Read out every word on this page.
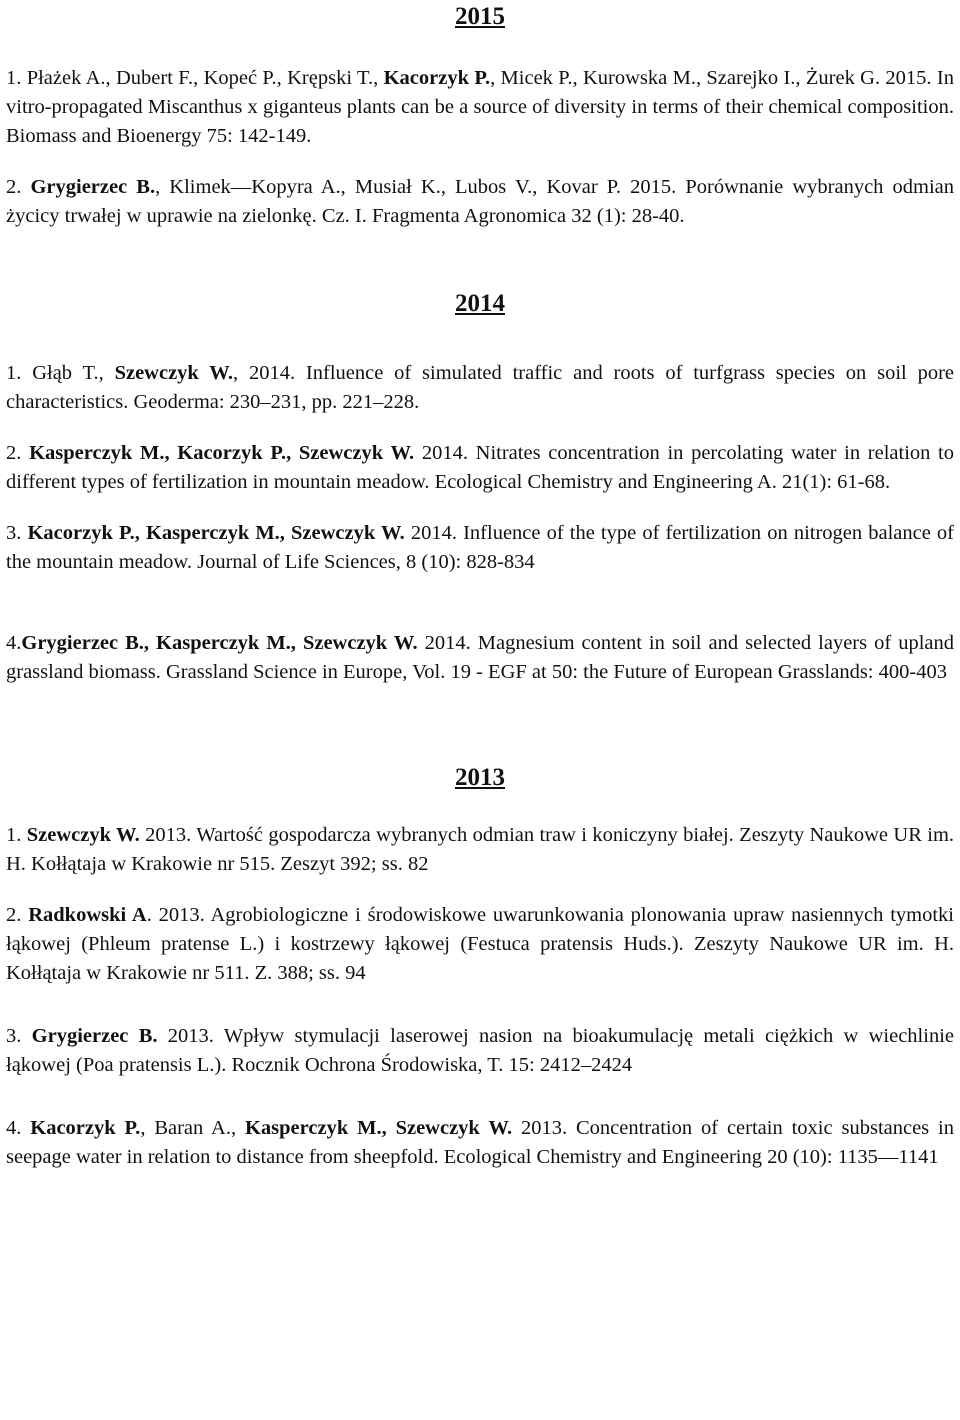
2015

1. Płażek A., Dubert F., Kopeć P., Krępski T., Kacorzyk P., Micek P., Kurowska M., Szarejko I., Żurek G. 2015. In vitro-propagated Miscanthus x giganteus plants can be a source of diversity in terms of their chemical composition. Biomass and Bioenergy 75: 142-149.

2. Grygierzec B., Klimek—Kopyra A., Musiał K., Lubos V., Kovar P. 2015. Porównanie wybranych odmian życicy trwałej w uprawie na zielonkę. Cz. I. Fragmenta Agronomica 32 (1): 28-40.

2014

1. Głąb T., Szewczyk W., 2014. Influence of simulated traffic and roots of turfgrass species on soil pore characteristics. Geoderma: 230–231, pp. 221–228.

2. Kasperczyk M., Kacorzyk P., Szewczyk W. 2014. Nitrates concentration in percolating water in relation to different types of fertilization in mountain meadow. Ecological Chemistry and Engineering A. 21(1): 61-68.

3. Kacorzyk P., Kasperczyk M., Szewczyk W. 2014. Influence of the type of fertilization on nitrogen balance of the mountain meadow. Journal of Life Sciences, 8 (10): 828-834

4.Grygierzec B., Kasperczyk M., Szewczyk W. 2014. Magnesium content in soil and selected layers of upland grassland biomass. Grassland Science in Europe, Vol. 19 - EGF at 50: the Future of European Grasslands: 400-403

2013

1. Szewczyk W. 2013. Wartość gospodarcza wybranych odmian traw i koniczyny białej. Zeszyty Naukowe UR im. H. Kołłątaja w Krakowie nr 515. Zeszyt 392; ss. 82

2. Radkowski A. 2013. Agrobiologiczne i środowiskowe uwarunkowania plonowania upraw nasiennych tymotki łąkowej (Phleum pratense L.) i kostrzewy łąkowej (Festuca pratensis Huds.). Zeszyty Naukowe UR im. H. Kołłątaja w Krakowie nr 511. Z. 388; ss. 94

3. Grygierzec B. 2013. Wpływ stymulacji laserowej nasion na bioakumulację metali ciężkich w wiechlinie łąkowej (Poa pratensis L.). Rocznik Ochrona Środowiska, T. 15: 2412–2424

4. Kacorzyk P., Baran A., Kasperczyk M., Szewczyk W. 2013. Concentration of certain toxic substances in seepage water in relation to distance from sheepfold. Ecological Chemistry and Engineering 20 (10): 1135—1141
